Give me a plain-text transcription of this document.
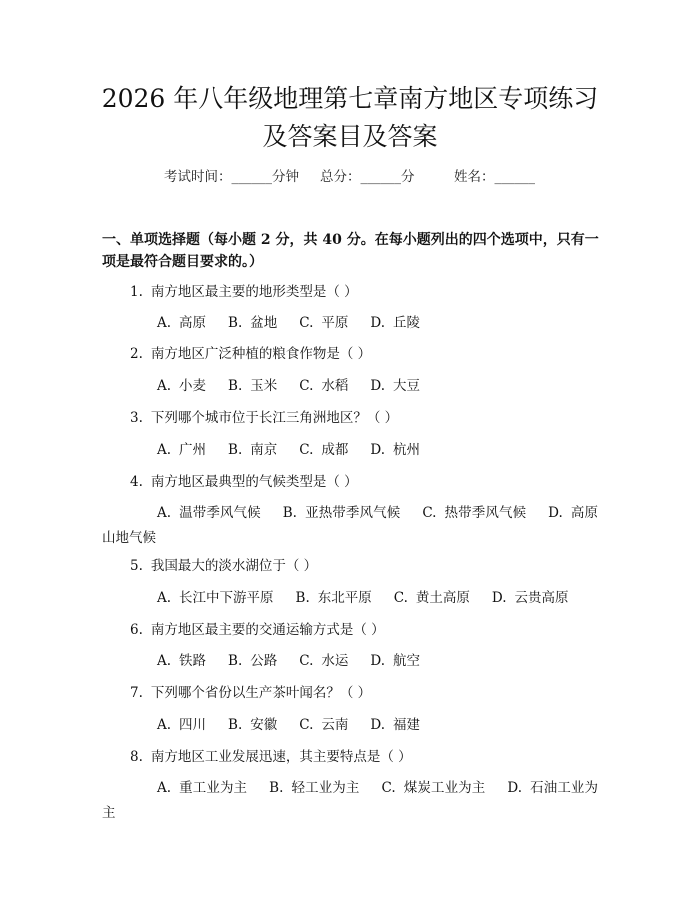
2026 年八年级地理第七章南方地区专项练习
及答案目及答案
考试时间：______分钟 总分：______分	姓名：______
一、单项选择题（每小题 2 分，共 40 分。在每小题列出的四个选项中，只有一项是最符合题目要求的。）
1. 南方地区最主要的地形类型是（ ）
A. 高原 B. 盆地 C. 平原 D. 丘陵
2. 南方地区广泛种植的粮食作物是（ ）
A. 小麦 B. 玉米 C. 水稻 D. 大豆
3. 下列哪个城市位于长江三角洲地区？（ ）
A. 广州 B. 南京 C. 成都 D. 杭州
4. 南方地区最典型的气候类型是（ ）
A. 温带季风气候 B. 亚热带季风气候 C. 热带季风气候 D. 高原山地气候
5. 我国最大的淡水湖位于（ ）
A. 长江中下游平原 B. 东北平原 C. 黄土高原 D. 云贵高原
6. 南方地区最主要的交通运输方式是（ ）
A. 铁路 B. 公路 C. 水运 D. 航空
7. 下列哪个省份以生产茶叶闻名？（ ）
A. 四川 B. 安徽 C. 云南 D. 福建
8. 南方地区工业发展迅速，其主要特点是（ ）
A. 重工业为主 B. 轻工业为主 C. 煤炭工业为主 D. 石油工业为主
